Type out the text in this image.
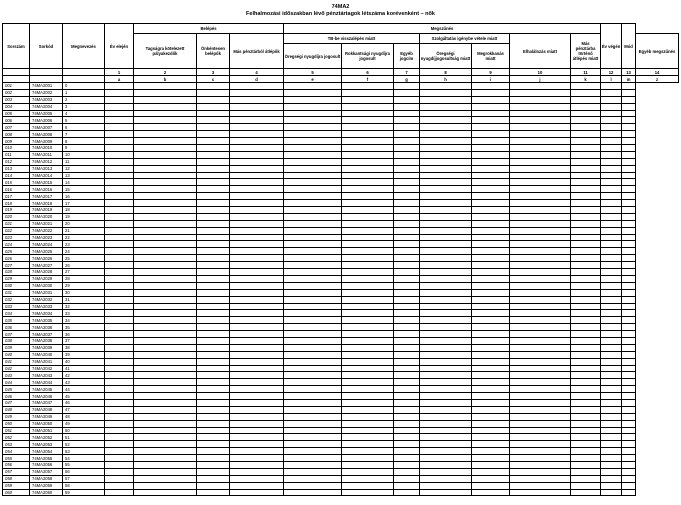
74MA2
Felhalmozási időszakban lévő pénztártagok létszáma korévenként – nők
Sorszám	Sorkód	Megnevezés	Év elején	Belépés			Megszűnés							Év végén	Mód	
				Tagságra kötelezett pályakezdők	Önkéntesen belépők	Más pénztárból átlépők	TB-be visszalépés miatt			Szolgáltatás igénybe vétele miatt		Elhalálozás miatt	Más pénztárba történő átlépés miatt			Egyéb megszűnés
							Öregségi nyugdíjra jogosult	Rokkantsági nyugdíjra jogosult	Egyéb jogcím	Öregségi nyugdíjjogosultság miatt	Megrokkanás miatt					
			1	2	3	4	5	6	7	8	9	10	11	12	13	14
			a	b	c	d	e	f	g	h	i	j	k	l	m	z
001	74MA2001	0														
002	74MA2002	1														
003	74MA2003	2														
004	74MA2004	3														
005	74MA2005	4														
006	74MA2006	5														
007	74MA2007	6														
008	74MA2008	7														
009	74MA2009	8														
010	74MA2010	9														
011	74MA2011	10														
012	74MA2012	11														
013	74MA2013	12														
014	74MA2014	13														
015	74MA2015	14														
016	74MA2016	15														
017	74MA2017	16														
018	74MA2018	17														
019	74MA2019	18														
020	74MA2020	19														
021	74MA2021	20														
022	74MA2022	21														
023	74MA2023	22														
024	74MA2024	23														
025	74MA2025	24														
026	74MA2026	25														
027	74MA2027	26														
028	74MA2028	27														
029	74MA2029	28														
030	74MA2030	29														
031	74MA2031	30														
032	74MA2032	31														
033	74MA2033	32														
034	74MA2034	33														
035	74MA2035	34														
036	74MA2036	35														
037	74MA2037	36														
038	74MA2038	37														
039	74MA2039	38														
040	74MA2040	39														
041	74MA2041	40														
042	74MA2042	41														
043	74MA2043	42														
044	74MA2044	43														
045	74MA2045	44														
046	74MA2046	45														
047	74MA2047	46														
048	74MA2048	47														
049	74MA2049	48														
050	74MA2050	49														
051	74MA2051	50														
052	74MA2052	51														
053	74MA2053	52														
054	74MA2054	53														
055	74MA2055	54														
056	74MA2056	55														
057	74MA2057	56														
058	74MA2058	57														
059	74MA2059	58														
060	74MA2060	59														
